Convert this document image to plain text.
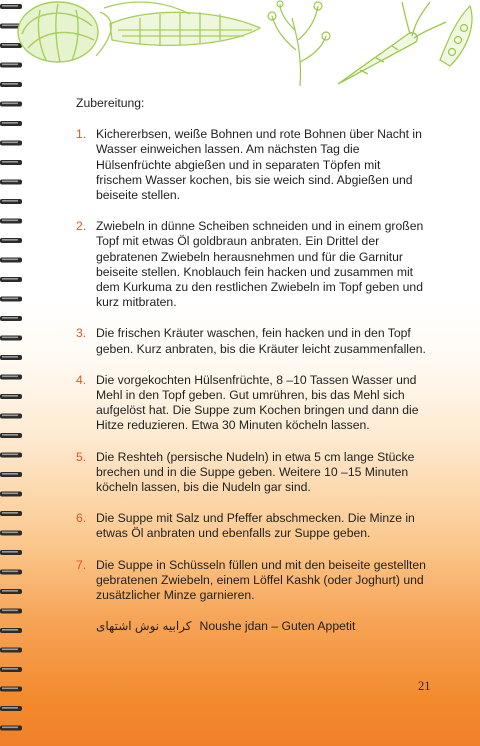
Zubereitung:
1. Kichererbsen, weiße Bohnen und rote Bohnen über Nacht in Wasser einweichen lassen. Am nächsten Tag die Hülsenfrüchte abgießen und in separaten Töpfen mit frischem Wasser kochen, bis sie weich sind. Abgießen und beiseite stellen.
2. Zwiebeln in dünne Scheiben schneiden und in einem großen Topf mit etwas Öl goldbraun anbraten. Ein Drittel der gebratenen Zwiebeln herausnehmen und für die Garnitur beiseite stellen. Knoblauch fein hacken und zusammen mit dem Kurkuma zu den restlichen Zwiebeln im Topf geben und kurz mitbraten.
3. Die frischen Kräuter waschen, fein hacken und in den Topf geben. Kurz anbraten, bis die Kräuter leicht zusammenfallen.
4. Die vorgekochten Hülsenfrüchte, 8 –10 Tassen Wasser und Mehl in den Topf geben. Gut umrühren, bis das Mehl sich aufgelöst hat. Die Suppe zum Kochen bringen und dann die Hitze reduzieren. Etwa 30 Minuten köcheln lassen.
5. Die Reshteh (persische Nudeln) in etwa 5 cm lange Stücke brechen und in die Suppe geben. Weitere 10 –15 Minuten köcheln lassen, bis die Nudeln gar sind.
6. Die Suppe mit Salz und Pfeffer abschmecken. Die Minze in etwas Öl anbraten und ebenfalls zur Suppe geben.
7. Die Suppe in Schüsseln füllen und mit den beiseite gestellten gebratenen Zwiebeln, einem Löffel Kashk (oder Joghurt) und zusätzlicher Minze garnieren.
کرابیه نوش اشتهای Noushe jdan – Guten Appetit
21
